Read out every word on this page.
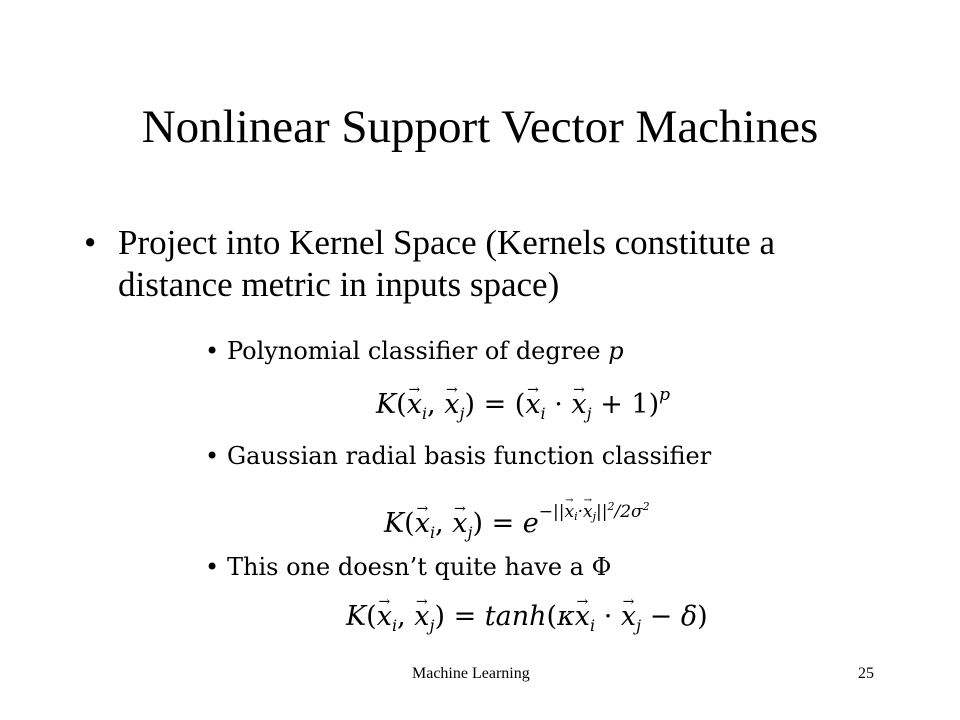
Nonlinear Support Vector Machines
• Project into Kernel Space (Kernels constitute a distance metric in inputs space)
• Polynomial classifier of degree p
$K(\to x_i$, → $x_j$) = (→ $x_i$ · → $x_j + 1)^p$
• Gaussian radial basis function classifier
$K(\to x_i$, → $x_j) = e^{-||\to x_i\cdot\to x_j||^2/2\sigma^2}$
• This one doesn’t quite have a Φ
$K(\to x_i$, → $x_j) = \tanh(\kappa\to x_i$ · → $x_j - \delta$)
Machine Learning	25
